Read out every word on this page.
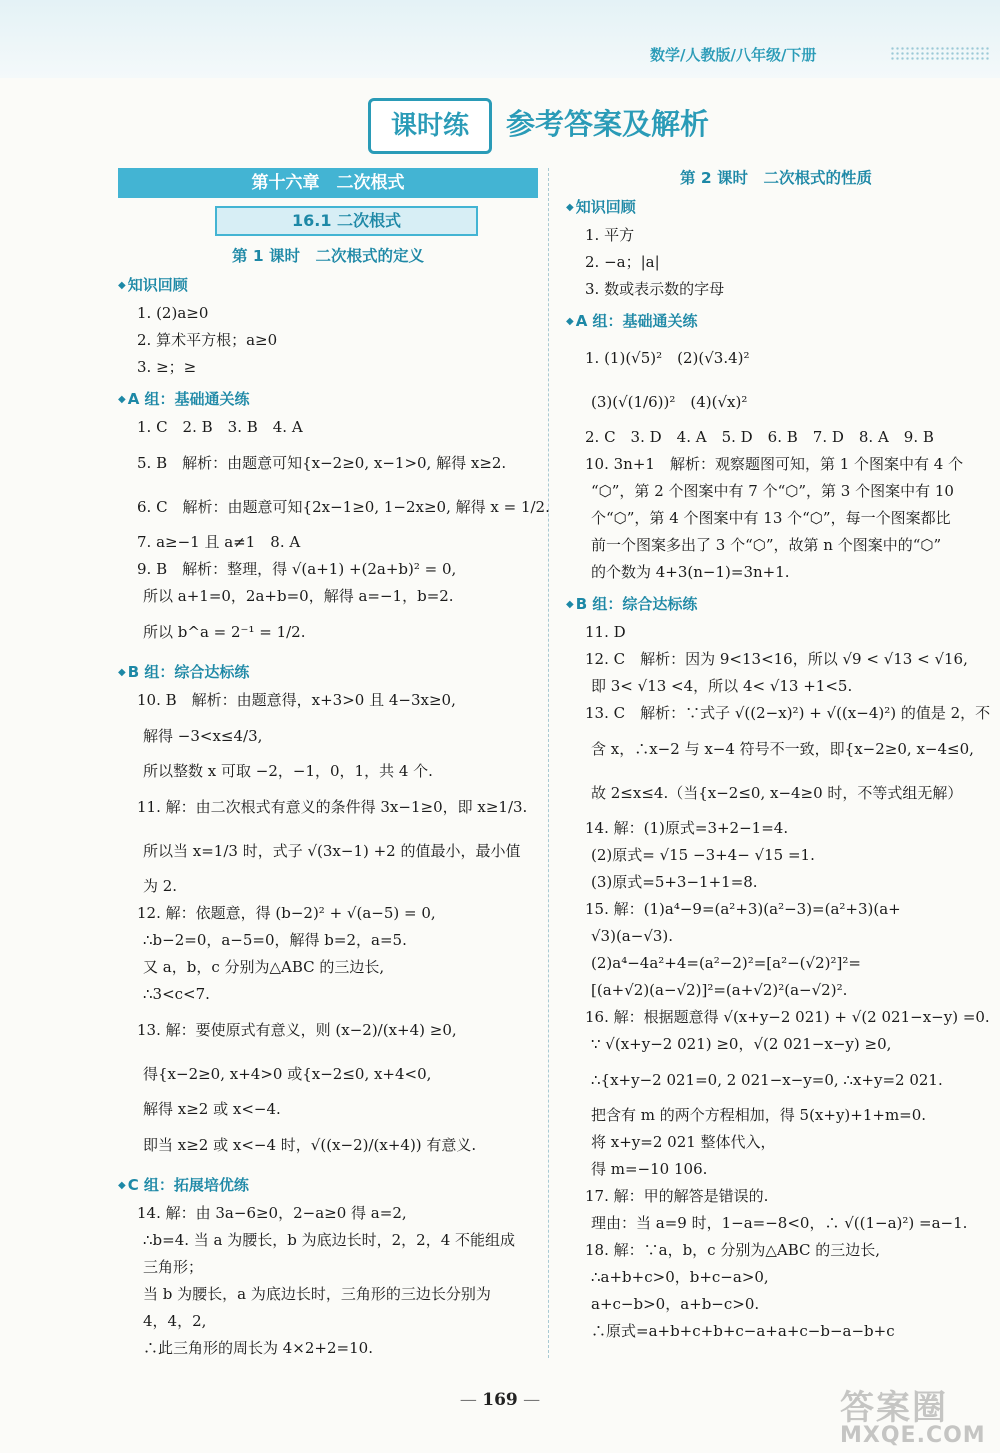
数学/人教版/八年级/下册
课时练	参考答案及解析
第十六章　二次根式
16.1 二次根式
第 1 课时　二次根式的定义
◆ 知识回顾
1. (2)a≥0
2. 算术平方根；a≥0
3. ≥；≥
◆ A 组：基础通关练
1. C　2. B　3. B　4. A
5. B　解析：由题意可知{x−2≥0, x−1>0, 解得 x≥2.
6. C　解析：由题意可知{2x−1≥0, 1−2x≥0, 解得 x = 1/2.
7. a≥−1 且 a≠1　8. A
9. B　解析：整理，得 √(a+1) +(2a+b)² = 0,
所以 a+1=0，2a+b=0，解得 a=−1，b=2.
所以 b^a = 2⁻¹ = 1/2.
◆ B 组：综合达标练
10. B　解析：由题意得，x+3>0 且 4−3x≥0,
解得 −3<x≤4/3,
所以整数 x 可取 −2，−1，0，1，共 4 个.
11. 解：由二次根式有意义的条件得 3x−1≥0，即 x≥1/3.
所以当 x=1/3 时，式子 √(3x−1) +2 的值最小，最小值
为 2.
12. 解：依题意，得 (b−2)² + √(a−5) = 0,
∴b−2=0，a−5=0，解得 b=2，a=5.
又 a，b，c 分别为△ABC 的三边长,
∴3<c<7.
13. 解：要使原式有意义，则 (x−2)/(x+4) ≥0,
得{x−2≥0, x+4>0 或{x−2≤0, x+4<0,
解得 x≥2 或 x<−4.
即当 x≥2 或 x<−4 时，√((x−2)/(x+4)) 有意义.
◆ C 组：拓展培优练
14. 解：由 3a−6≥0，2−a≥0 得 a=2,
∴b=4. 当 a 为腰长，b 为底边长时，2，2，4 不能组成
三角形；
当 b 为腰长，a 为底边长时，三角形的三边长分别为
4，4，2,
∴此三角形的周长为 4×2+2=10.
第 2 课时　二次根式的性质
◆ 知识回顾
1. 平方
2. −a；|a|
3. 数或表示数的字母
◆ A 组：基础通关练
1. (1)(√5)²　(2)(√3.4)²
(3)(√(1/6))²　(4)(√x)²
2. C　3. D　4. A　5. D　6. B　7. D　8. A　9. B
10. 3n+1　解析：观察题图可知，第 1 个图案中有 4 个
“⬡”，第 2 个图案中有 7 个“⬡”，第 3 个图案中有 10
个“⬡”，第 4 个图案中有 13 个“⬡”，每一个图案都比
前一个图案多出了 3 个“⬡”，故第 n 个图案中的“⬡”
的个数为 4+3(n−1)=3n+1.
◆ B 组：综合达标练
11. D
12. C　解析：因为 9<13<16，所以 √9 < √13 < √16,
即 3< √13 <4，所以 4< √13 +1<5.
13. C　解析：∵式子 √((2−x)²) + √((x−4)²) 的值是 2，不
含 x，∴x−2 与 x−4 符号不一致，即{x−2≥0, x−4≤0,
故 2≤x≤4.（当{x−2≤0, x−4≥0 时，不等式组无解）
14. 解：(1)原式=3+2−1=4.
(2)原式= √15 −3+4− √15 =1.
(3)原式=5+3−1+1=8.
15. 解：(1)a⁴−9=(a²+3)(a²−3)=(a²+3)(a+
√3)(a−√3).
(2)a⁴−4a²+4=(a²−2)²=[a²−(√2)²]²=
[(a+√2)(a−√2)]²=(a+√2)²(a−√2)².
16. 解：根据题意得 √(x+y−2 021) + √(2 021−x−y) =0.
∵ √(x+y−2 021) ≥0，√(2 021−x−y) ≥0,
∴{x+y−2 021=0, 2 021−x−y=0, ∴x+y=2 021.
把含有 m 的两个方程相加，得 5(x+y)+1+m=0.
将 x+y=2 021 整体代入，
得 m=−10 106.
17. 解：甲的解答是错误的.
理由：当 a=9 时，1−a=−8<0，∴ √((1−a)²) =a−1.
18. 解：∵a，b，c 分别为△ABC 的三边长,
∴a+b+c>0，b+c−a>0,
a+c−b>0，a+b−c>0.
∴原式=a+b+c+b+c−a+a+c−b−a−b+c
— 169 —	答案圈
MXQE.COM
